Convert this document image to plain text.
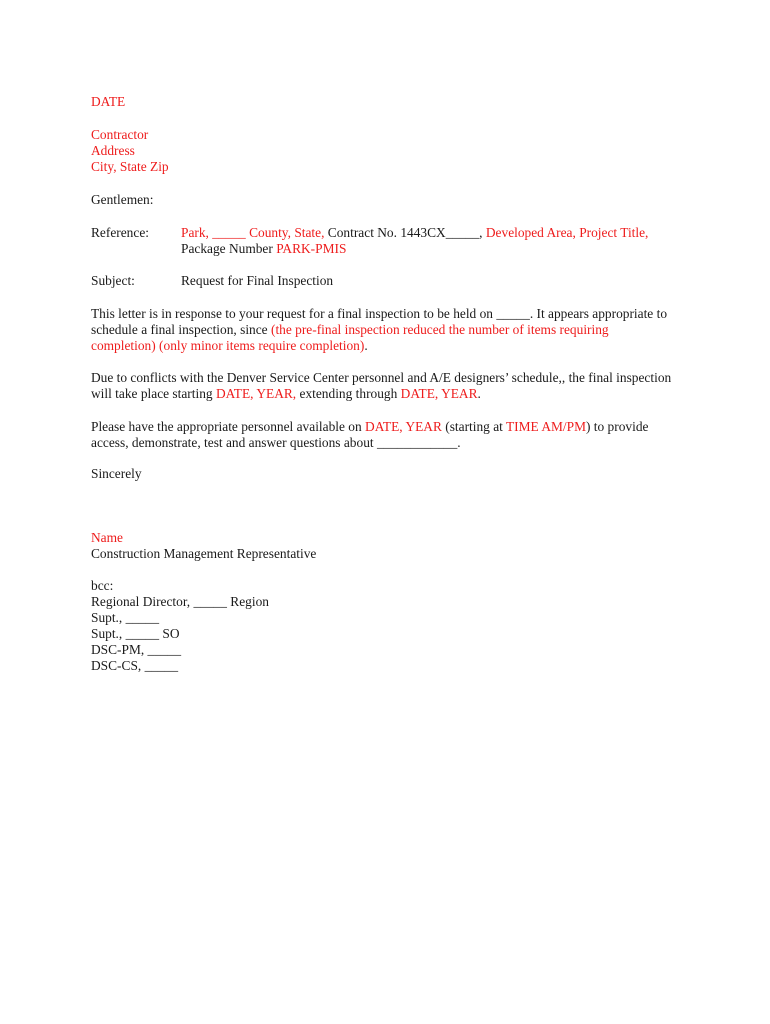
DATE
Contractor
Address
City, State Zip
Gentlemen:
Reference: Park, _____ County, State, Contract No. 1443CX_____, Developed Area, Project Title,
Package Number PARK-PMIS
Subject:	Request for Final Inspection
This letter is in response to your request for a final inspection to be held on _____. It appears appropriate to
schedule a final inspection, since (the pre-final inspection reduced the number of items requiring
completion) (only minor items require completion).
Due to conflicts with the Denver Service Center personnel and A/E designers’ schedule,, the final inspection
will take place starting DATE, YEAR, extending through DATE, YEAR.
Please have the appropriate personnel available on DATE, YEAR (starting at TIME AM/PM) to provide
access, demonstrate, test and answer questions about ____________.
Sincerely
Name
Construction Management Representative
bcc:
Regional Director, _____ Region
Supt., _____
Supt., _____ SO
DSC-PM, _____
DSC-CS, _____
